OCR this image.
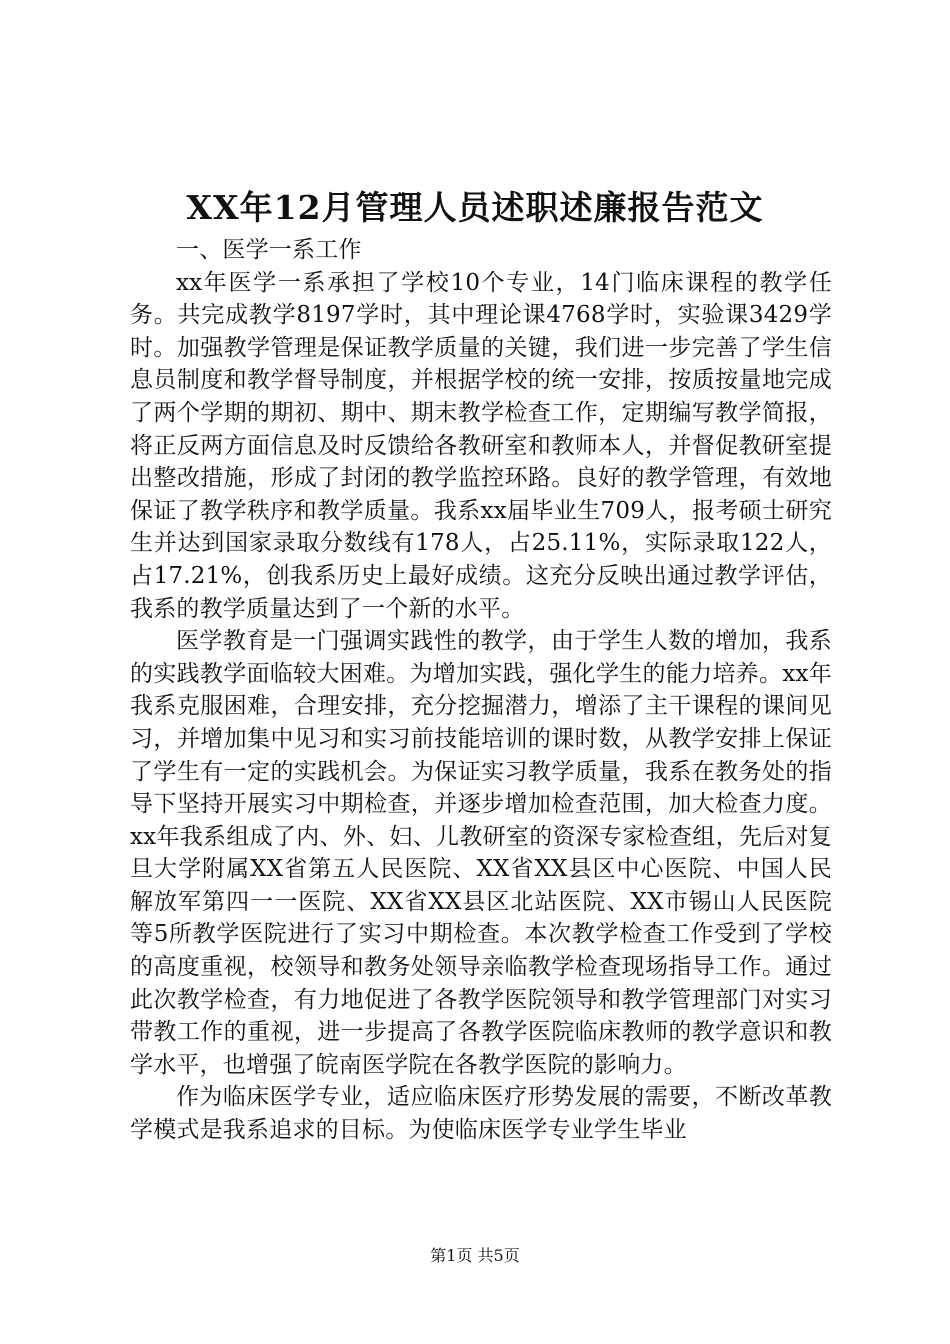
XX年12月管理人员述职述廉报告范文

一、医学一系工作

xx年医学一系承担了学校10个专业，14门临床课程的教学任务。共完成教学8197学时，其中理论课4768学时，实验课3429学时。加强教学管理是保证教学质量的关键，我们进一步完善了学生信息员制度和教学督导制度，并根据学校的统一安排，按质按量地完成了两个学期的期初、期中、期末教学检查工作，定期编写教学简报，将正反两方面信息及时反馈给各教研室和教师本人，并督促教研室提出整改措施，形成了封闭的教学监控环路。良好的教学管理，有效地保证了教学秩序和教学质量。我系xx届毕业生709人，报考硕士研究生并达到国家录取分数线有178人，占25.11%，实际录取122人，占17.21%，创我系历史上最好成绩。这充分反映出通过教学评估，我系的教学质量达到了一个新的水平。

医学教育是一门强调实践性的教学，由于学生人数的增加，我系的实践教学面临较大困难。为增加实践，强化学生的能力培养。xx年我系克服困难，合理安排，充分挖掘潜力，增添了主干课程的课间见习，并增加集中见习和实习前技能培训的课时数，从教学安排上保证了学生有一定的实践机会。为保证实习教学质量，我系在教务处的指导下坚持开展实习中期检查，并逐步增加检查范围，加大检查力度。xx年我系组成了内、外、妇、儿教研室的资深专家检查组，先后对复旦大学附属XX省第五人民医院、XX省XX县区中心医院、中国人民解放军第四一一医院、XX省XX县区北站医院、XX市锡山人民医院等5所教学医院进行了实习中期检查。本次教学检查工作受到了学校的高度重视，校领导和教务处领导亲临教学检查现场指导工作。通过此次教学检查，有力地促进了各教学医院领导和教学管理部门对实习带教工作的重视，进一步提高了各教学医院临床教师的教学意识和教学水平，也增强了皖南医学院在各教学医院的影响力。

作为临床医学专业，适应临床医疗形势发展的需要，不断改革教学模式是我系追求的目标。为使临床医学专业学生毕业

第1页 共5页
